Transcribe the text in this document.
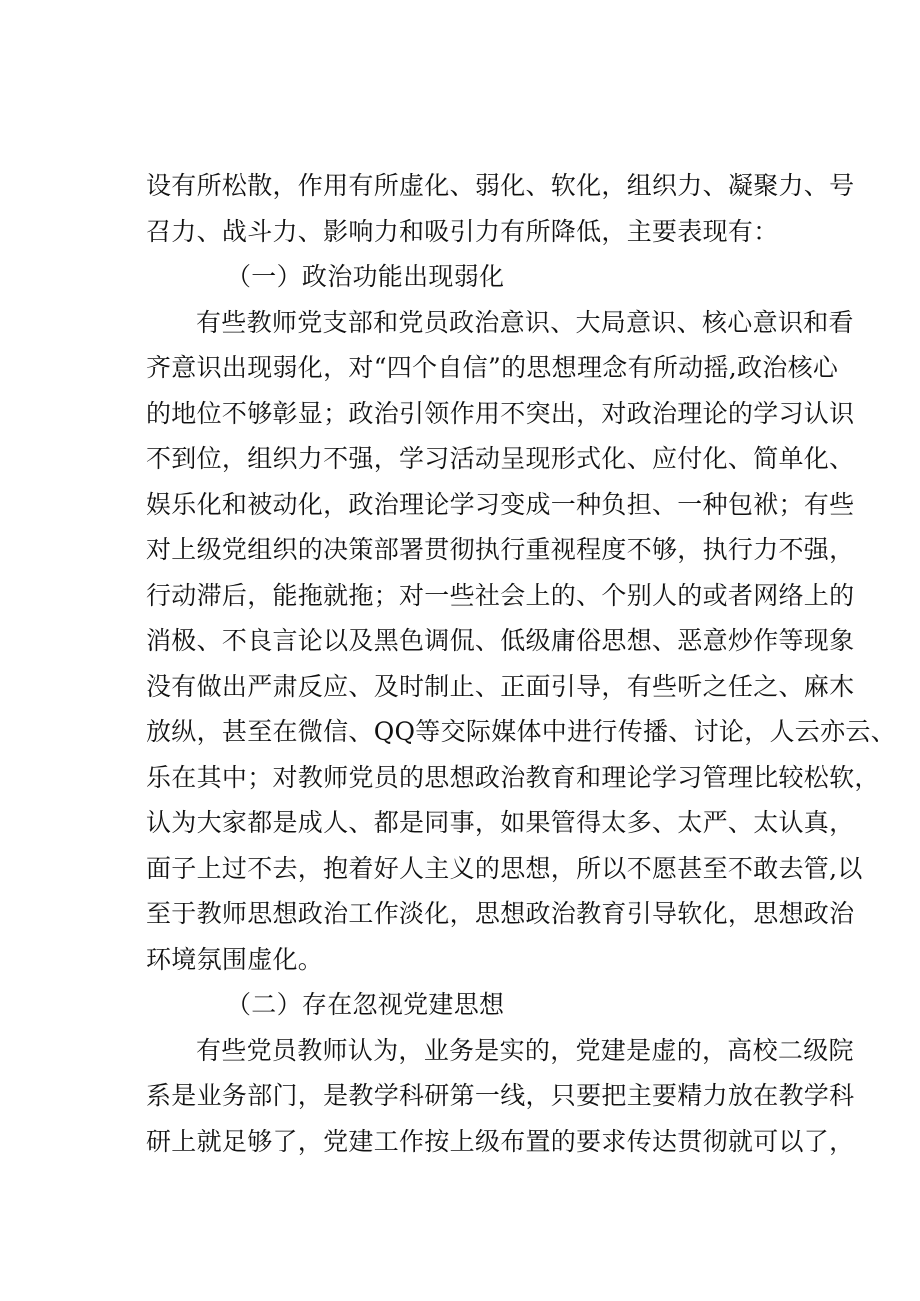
设有所松散，作用有所虚化、弱化、软化，组织力、凝聚力、号
召力、战斗力、影响力和吸引力有所降低，主要表现有：
（一）政治功能出现弱化
有些教师党支部和党员政治意识、大局意识、核心意识和看
齐意识出现弱化，对“四个自信”的思想理念有所动摇,政治核心
的地位不够彰显；政治引领作用不突出，对政治理论的学习认识
不到位，组织力不强，学习活动呈现形式化、应付化、简单化、
娱乐化和被动化，政治理论学习变成一种负担、一种包袱；有些
对上级党组织的决策部署贯彻执行重视程度不够，执行力不强，
行动滞后，能拖就拖；对一些社会上的、个别人的或者网络上的
消极、不良言论以及黑色调侃、低级庸俗思想、恶意炒作等现象
没有做出严肃反应、及时制止、正面引导，有些听之任之、麻木
放纵，甚至在微信、QQ等交际媒体中进行传播、讨论，人云亦云、
乐在其中；对教师党员的思想政治教育和理论学习管理比较松软，
认为大家都是成人、都是同事，如果管得太多、太严、太认真，
面子上过不去，抱着好人主义的思想，所以不愿甚至不敢去管,以
至于教师思想政治工作淡化，思想政治教育引导软化，思想政治
环境氛围虚化。
（二）存在忽视党建思想
有些党员教师认为，业务是实的，党建是虚的，高校二级院
系是业务部门，是教学科研第一线，只要把主要精力放在教学科
研上就足够了，党建工作按上级布置的要求传达贯彻就可以了，
